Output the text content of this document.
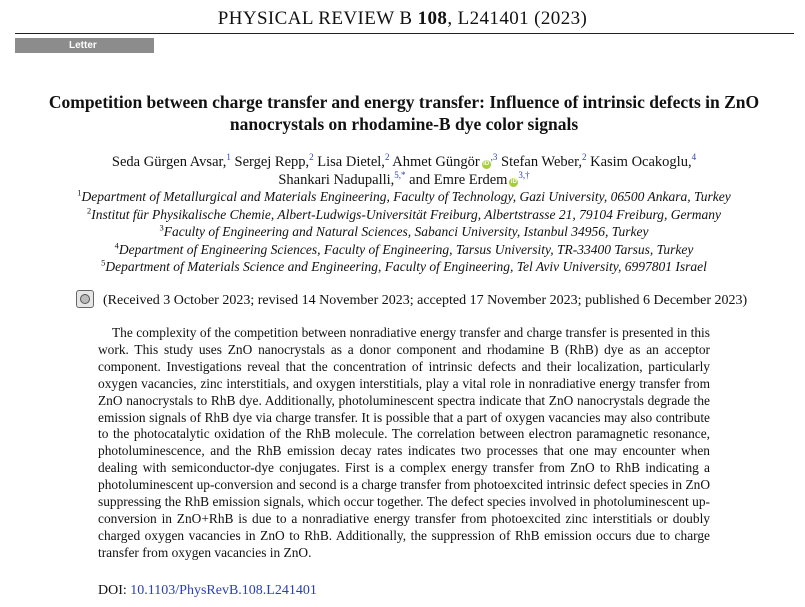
PHYSICAL REVIEW B 108, L241401 (2023)
Letter
Competition between charge transfer and energy transfer: Influence of intrinsic defects in ZnO
nanocrystals on rhodamine-B dye color signals
Seda Gürgen Avsar,$^1$ Sergej Repp,$^2$ Lisa Dietel,$^2$ Ahmet Güngör $iD^{,3}$ Stefan Weber,$^2$ Kasim Ocakoglu,$^4$
Shankari Nadupalli,$^{5,*}$ and Emre Erdem $iD^{3,\dagger}$
$^1$Department of Metallurgical and Materials Engineering, Faculty of Technology, Gazi University, 06500 Ankara, Turkey
$^2$Institut für Physikalische Chemie, Albert-Ludwigs-Universität Freiburg, Albertstrasse 21, 79104 Freiburg, Germany
$^3$Faculty of Engineering and Natural Sciences, Sabanci University, Istanbul 34956, Turkey
$^4$Department of Engineering Sciences, Faculty of Engineering, Tarsus University, TR-33400 Tarsus, Turkey
$^5$Department of Materials Science and Engineering, Faculty of Engineering, Tel Aviv University, 6997801 Israel
(Received 3 October 2023; revised 14 November 2023; accepted 17 November 2023; published 6 December 2023)
The complexity of the competition between nonradiative energy transfer and charge transfer is presented in this work. This study uses ZnO nanocrystals as a donor component and rhodamine B (RhB) dye as an acceptor component. Investigations reveal that the concentration of intrinsic defects and their localization, particularly oxygen vacancies, zinc interstitials, and oxygen interstitials, play a vital role in nonradiative energy transfer from ZnO nanocrystals to RhB dye. Additionally, photoluminescent spectra indicate that ZnO nanocrystals degrade the emission signals of RhB dye via charge transfer. It is possible that a part of oxygen vacancies may also contribute to the photocatalytic oxidation of the RhB molecule. The correlation between electron paramagnetic resonance, photoluminescence, and the RhB emission decay rates indicates two processes that one may encounter when dealing with semiconductor-dye conjugates. First is a complex energy transfer from ZnO to RhB indicating a photoluminescent up-conversion and second is a charge transfer from photoexcited intrinsic defect species in ZnO suppressing the RhB emission signals, which occur together. The defect species involved in photoluminescent up-conversion in ZnO+RhB is due to a nonradiative energy transfer from photoexcited zinc interstitials or doubly charged oxygen vacancies in ZnO to RhB. Additionally, the suppression of RhB emission occurs due to charge transfer from oxygen vacancies in ZnO.
DOI: 10.1103/PhysRevB.108.L241401
